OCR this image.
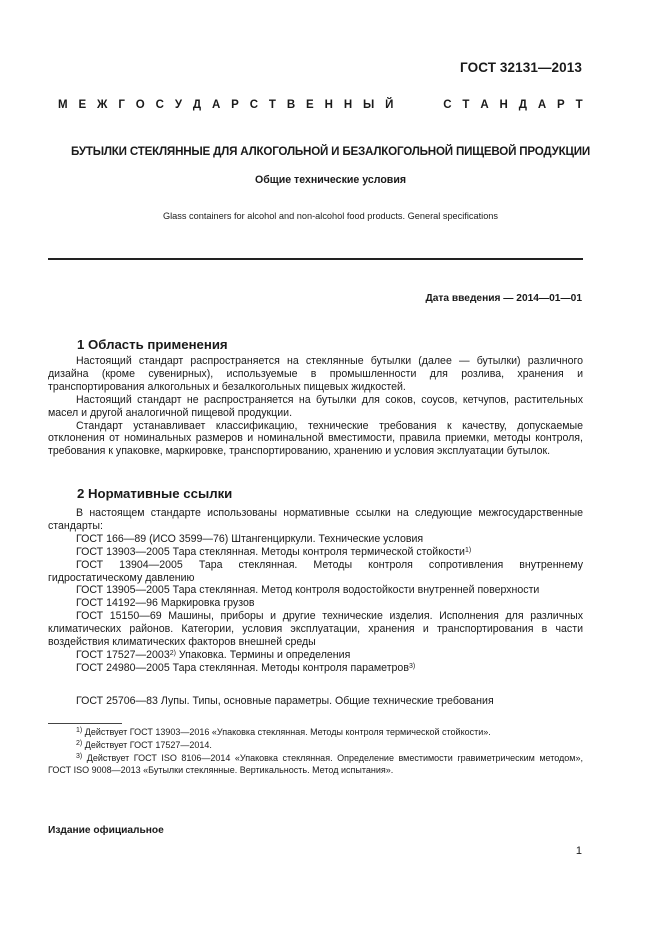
ГОСТ 32131—2013
М Е Ж Г О С У Д А Р С Т В Е Н Н Ы Й	С Т А Н Д А Р Т
БУТЫЛКИ СТЕКЛЯННЫЕ ДЛЯ АЛКОГОЛЬНОЙ И БЕЗАЛКОГОЛЬНОЙ ПИЩЕВОЙ ПРОДУКЦИИ
Общие технические условия
Glass containers for alcohol and non-alcohol food products. General specifications
Дата введения — 2014—01—01
1 Область применения

Настоящий стандарт распространяется на стеклянные бутылки (далее — бутылки) различного дизайна (кроме сувенирных), используемые в промышленности для розлива, хранения и транспортирования алкогольных и безалкогольных пищевых жидкостей.

Настоящий стандарт не распространяется на бутылки для соков, соусов, кетчупов, растительных масел и другой аналогичной пищевой продукции.

Стандарт устанавливает классификацию, технические требования к качеству, допускаемые отклонения от номинальных размеров и номинальной вместимости, правила приемки, методы контроля, требования к упаковке, маркировке, транспортированию, хранению и условия эксплуатации бутылок.

2 Нормативные ссылки

В настоящем стандарте использованы нормативные ссылки на следующие межгосударственные стандарты:

ГОСТ 166—89 (ИСО 3599—76) Штангенциркули. Технические условия

ГОСТ 13903—2005 Тара стеклянная. Методы контроля термической стойкости$^{1)}$

ГОСТ 13904—2005 Тара стеклянная. Методы контроля сопротивления внутреннему гидростатическому давлению

ГОСТ 13905—2005 Тара стеклянная. Метод контроля водостойкости внутренней поверхности

ГОСТ 14192—96 Маркировка грузов

ГОСТ 15150—69 Машины, приборы и другие технические изделия. Исполнения для различных климатических районов. Категории, условия эксплуатации, хранения и транспортирования в части воздействия климатических факторов внешней среды

ГОСТ 17527—2003$^{2)}$ Упаковка. Термины и определения

ГОСТ 24980—2005 Тара стеклянная. Методы контроля параметров$^{3)}$

ГОСТ 25706—83 Лупы. Типы, основные параметры. Общие технические требования
$^{1)}$ Действует ГОСТ 13903—2016 «Упаковка стеклянная. Методы контроля термической стойкости».
$^{2)}$ Действует ГОСТ 17527—2014.
$^{3)}$ Действует ГОСТ ISO 8106—2014 «Упаковка стеклянная. Определение вместимости гравиметрическим методом», ГОСТ ISO 9008—2013 «Бутылки стеклянные. Вертикальность. Метод испытания».
Издание официальное
1
